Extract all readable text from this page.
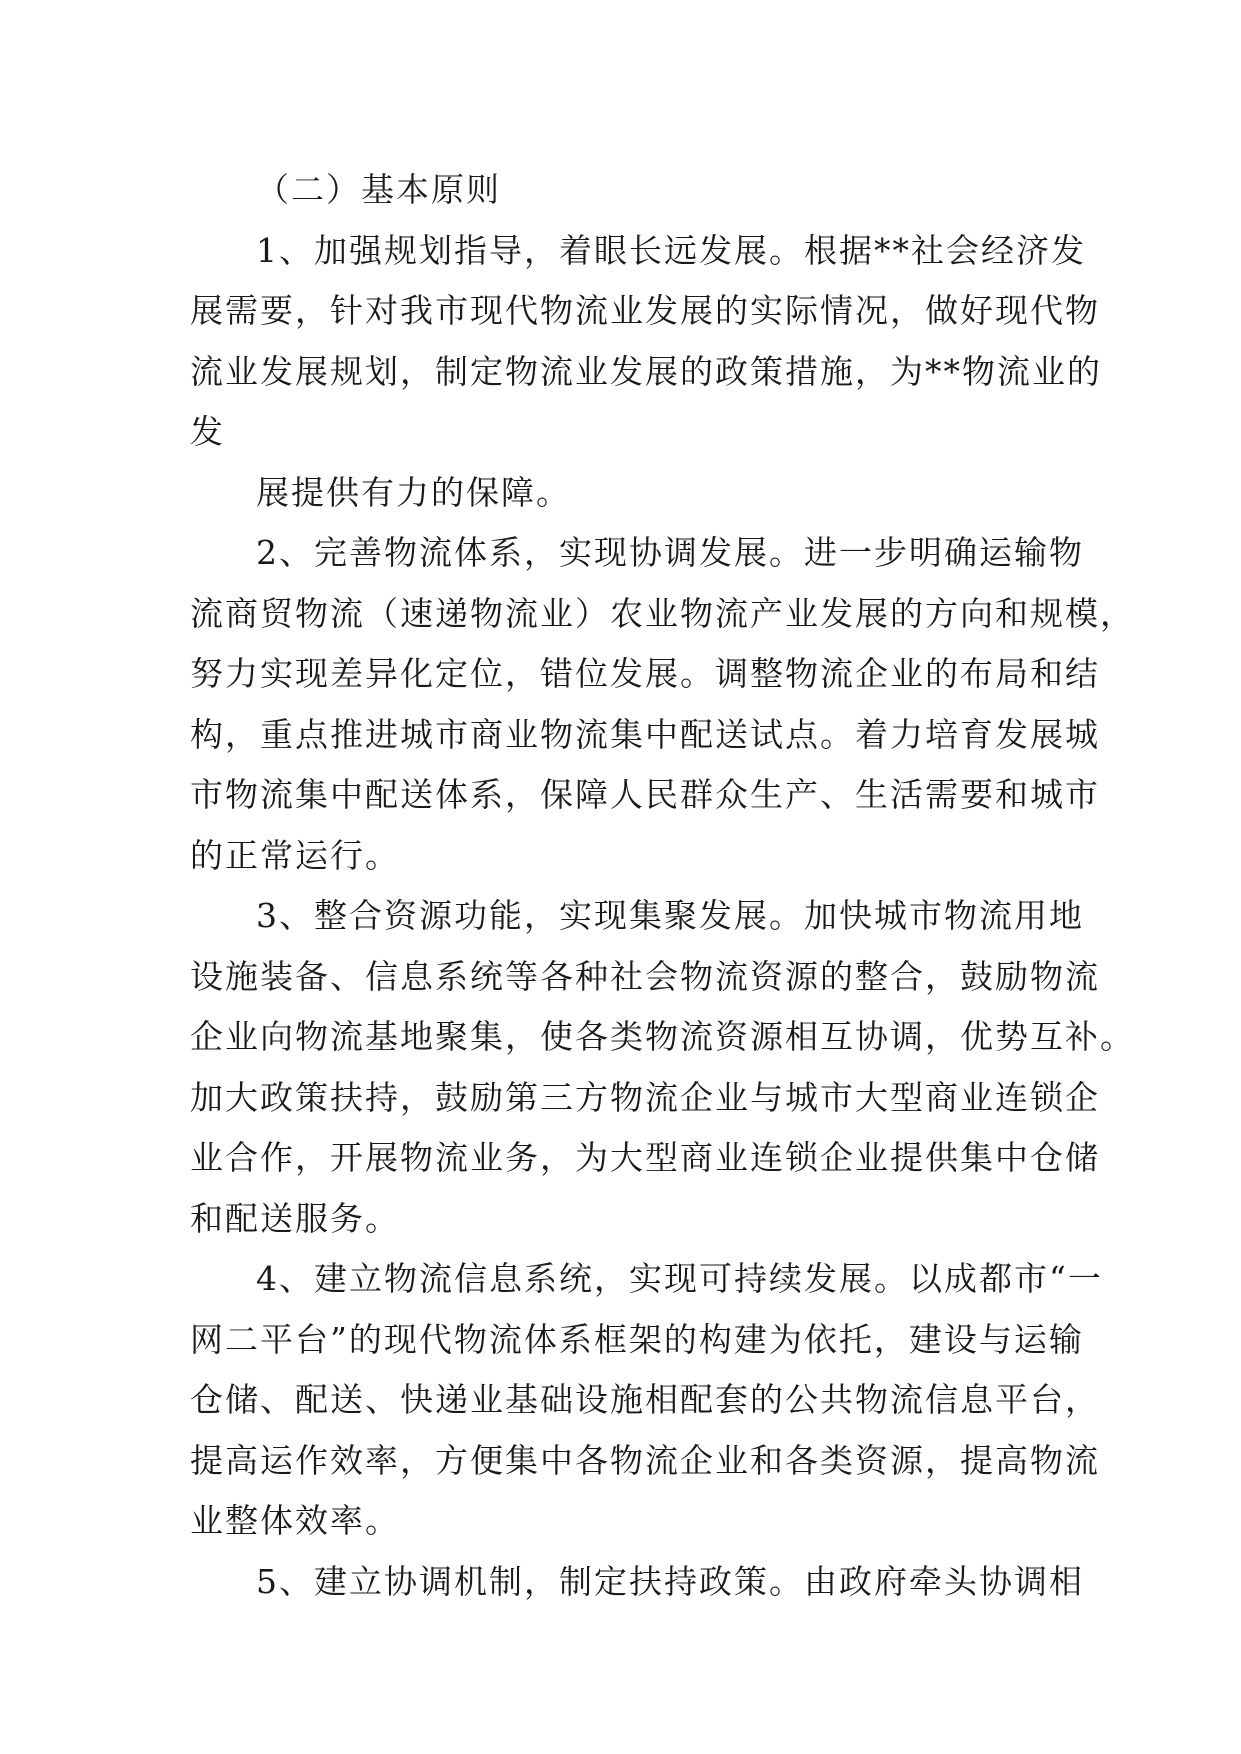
（二）基本原则
1、加强规划指导，着眼长远发展。根据**社会经济发
展需要，针对我市现代物流业发展的实际情况，做好现代物
流业发展规划，制定物流业发展的政策措施，为**物流业的
发
展提供有力的保障。
2、完善物流体系，实现协调发展。进一步明确运输物
流商贸物流（速递物流业）农业物流产业发展的方向和规模，
努力实现差异化定位，错位发展。调整物流企业的布局和结
构，重点推进城市商业物流集中配送试点。着力培育发展城
市物流集中配送体系，保障人民群众生产、生活需要和城市
的正常运行。
3、整合资源功能，实现集聚发展。加快城市物流用地
设施装备、信息系统等各种社会物流资源的整合，鼓励物流
企业向物流基地聚集，使各类物流资源相互协调，优势互补。
加大政策扶持，鼓励第三方物流企业与城市大型商业连锁企
业合作，开展物流业务，为大型商业连锁企业提供集中仓储
和配送服务。
4、建立物流信息系统，实现可持续发展。以成都市“一
网二平台”的现代物流体系框架的构建为依托，建设与运输
仓储、配送、快递业基础设施相配套的公共物流信息平台，
提高运作效率，方便集中各物流企业和各类资源，提高物流
业整体效率。
5、建立协调机制，制定扶持政策。由政府牵头协调相
